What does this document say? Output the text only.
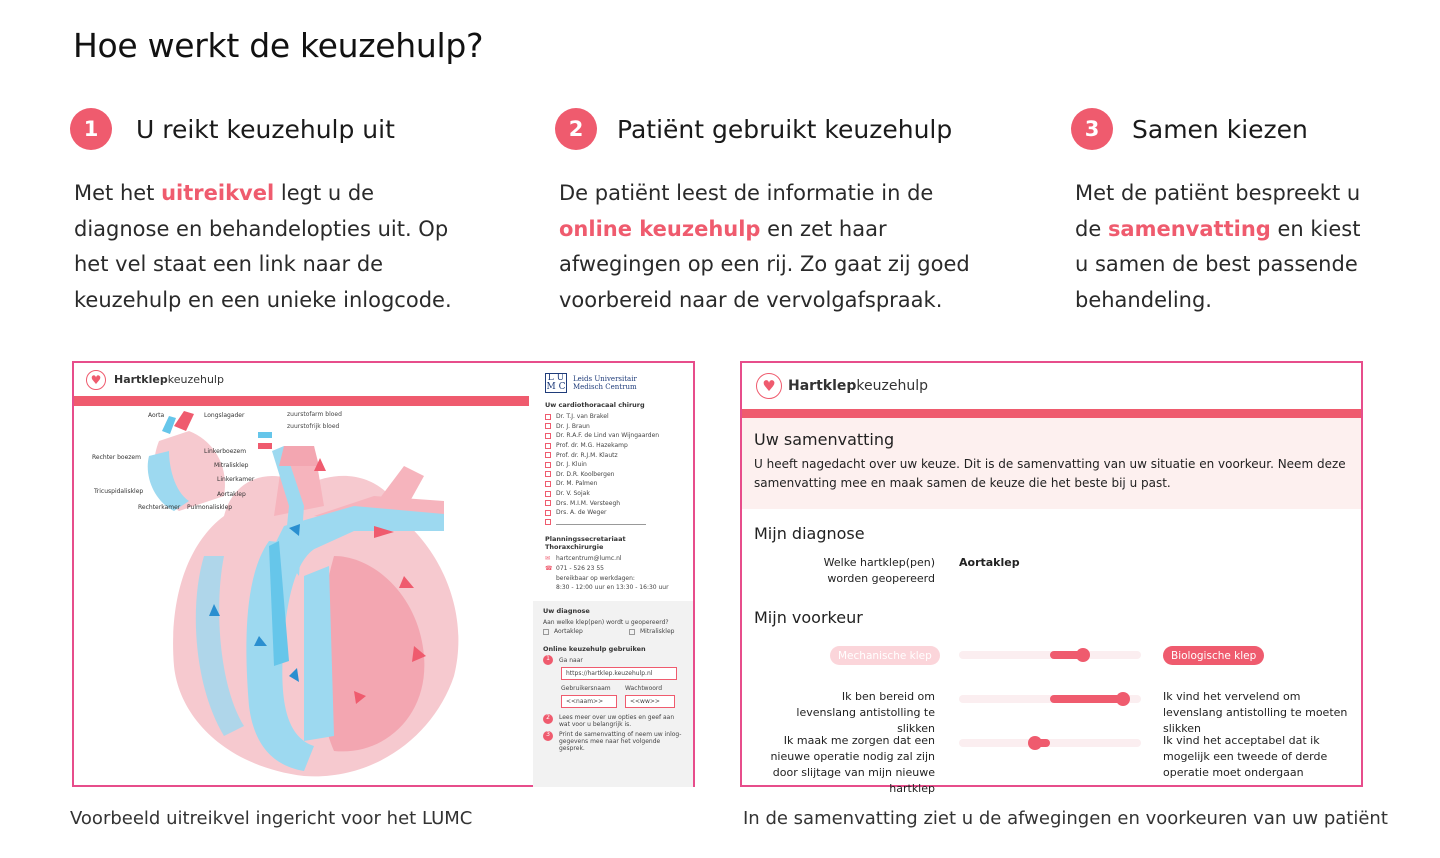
Hoe werkt de keuzehulp?
1	U reikt keuzehulp uit
Met het uitreikvel legt u de diagnose en behandelopties uit. Op het vel staat een link naar de keuzehulp en een unieke inlogcode.
2	Patiënt gebruikt keuzehulp
De patiënt leest de informatie in de online keuzehulp en zet haar afwegingen op een rij. Zo gaat zij goed voorbereid naar de vervolgafspraak.
3	Samen kiezen
Met de patiënt bespreekt u de samenvatting en kiest u samen de best passende behandeling.
♥	Hartklep keuzehulp
zuurstofarm bloed
zuurstofrijk bloed
Aorta	Longslagader
Rechter boezem
Linkerboezem
Mitralisklep
Linkerkamer
Tricuspidalisklep	Aortaklep
Rechterkamer Pulmonalisklep
L U
M C
Leids Universitair
Medisch Centrum
Uw cardiothoracaal chirurg
Dr. T.J. van Brakel
Dr. J. Braun
Dr. R.A.F. de Lind van Wijngaarden
Prof. dr. M.G. Hazekamp
Prof. dr. R.J.M. Klautz
Dr. J. Kluin
Dr. D.R. Koolbergen
Dr. M. Palmen
Dr. V. Sojak
Drs. M.I.M. Versteegh
Drs. A. de Weger
Planningssecretariaat Thoraxchirurgie
✉ hartcentrum@lumc.nl
☎ 071 - 526 23 55
bereikbaar op werkdagen:
8:30 - 12:00 uur en 13:30 - 16:30 uur
Uw diagnose
Aan welke klep(pen) wordt u geopereerd?
Aortaklep	Mitralisklep
Online keuzehulp gebruiken
1	Ga naar
https://hartklep.keuzehulp.nl
Gebruikersnaam	Wachtwoord
<<naam>>	<<ww>>
2	Lees meer over uw opties en geef aan wat voor u belangrijk is.
3	Print de samenvatting of neem uw inlog-gegevens mee naar het volgende gesprek.
Voorbeeld uitreikvel ingericht voor het LUMC
♥ Hartklep keuzehulp
Uw samenvatting
U heeft nagedacht over uw keuze. Dit is de samenvatting van uw situatie en voorkeur. Neem deze samenvatting mee en maak samen de keuze die het beste bij u past.
Mijn diagnose
Welke hartklep(pen) worden geopereerd
Aortaklep
Mijn voorkeur
Mechanische klep	Biologische klep
Ik ben bereid om levenslang antistolling te slikken
Ik vind het vervelend om levenslang antistolling te moeten slikken
Ik maak me zorgen dat een nieuwe operatie nodig zal zijn door slijtage van mijn nieuwe hartklep
Ik vind het acceptabel dat ik mogelijk een tweede of derde operatie moet ondergaan
In de samenvatting ziet u de afwegingen en voorkeuren van uw patiënt
